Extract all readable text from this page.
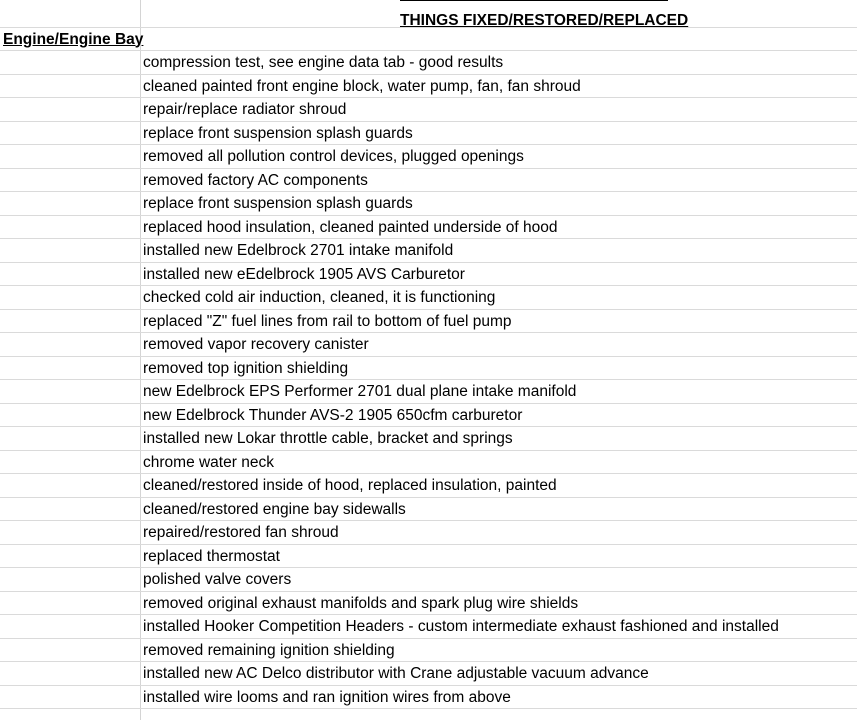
THINGS FIXED/RESTORED/REPLACED
Engine/Engine Bay
compression test, see engine data tab - good results
cleaned painted front engine block, water pump, fan, fan shroud
repair/replace radiator shroud
replace front suspension splash guards
removed all pollution control devices, plugged openings
removed factory AC components
replace front suspension splash guards
replaced hood insulation, cleaned painted underside of hood
installed new Edelbrock 2701 intake manifold
installed new eEdelbrock 1905 AVS Carburetor
checked cold air induction, cleaned, it is functioning
replaced "Z" fuel lines from rail to bottom of fuel pump
removed vapor recovery canister
removed top ignition shielding
new Edelbrock EPS Performer 2701 dual plane intake manifold
new Edelbrock Thunder AVS-2 1905 650cfm carburetor
installed new Lokar throttle cable, bracket and springs
chrome water neck
cleaned/restored inside of hood, replaced insulation, painted
cleaned/restored engine bay sidewalls
repaired/restored fan shroud
replaced thermostat
polished valve covers
removed original exhaust manifolds and spark plug wire shields
installed Hooker Competition Headers - custom intermediate exhaust fashioned and installed
removed remaining ignition shielding
installed new AC Delco distributor with Crane adjustable vacuum advance
installed wire looms and ran ignition wires from above
